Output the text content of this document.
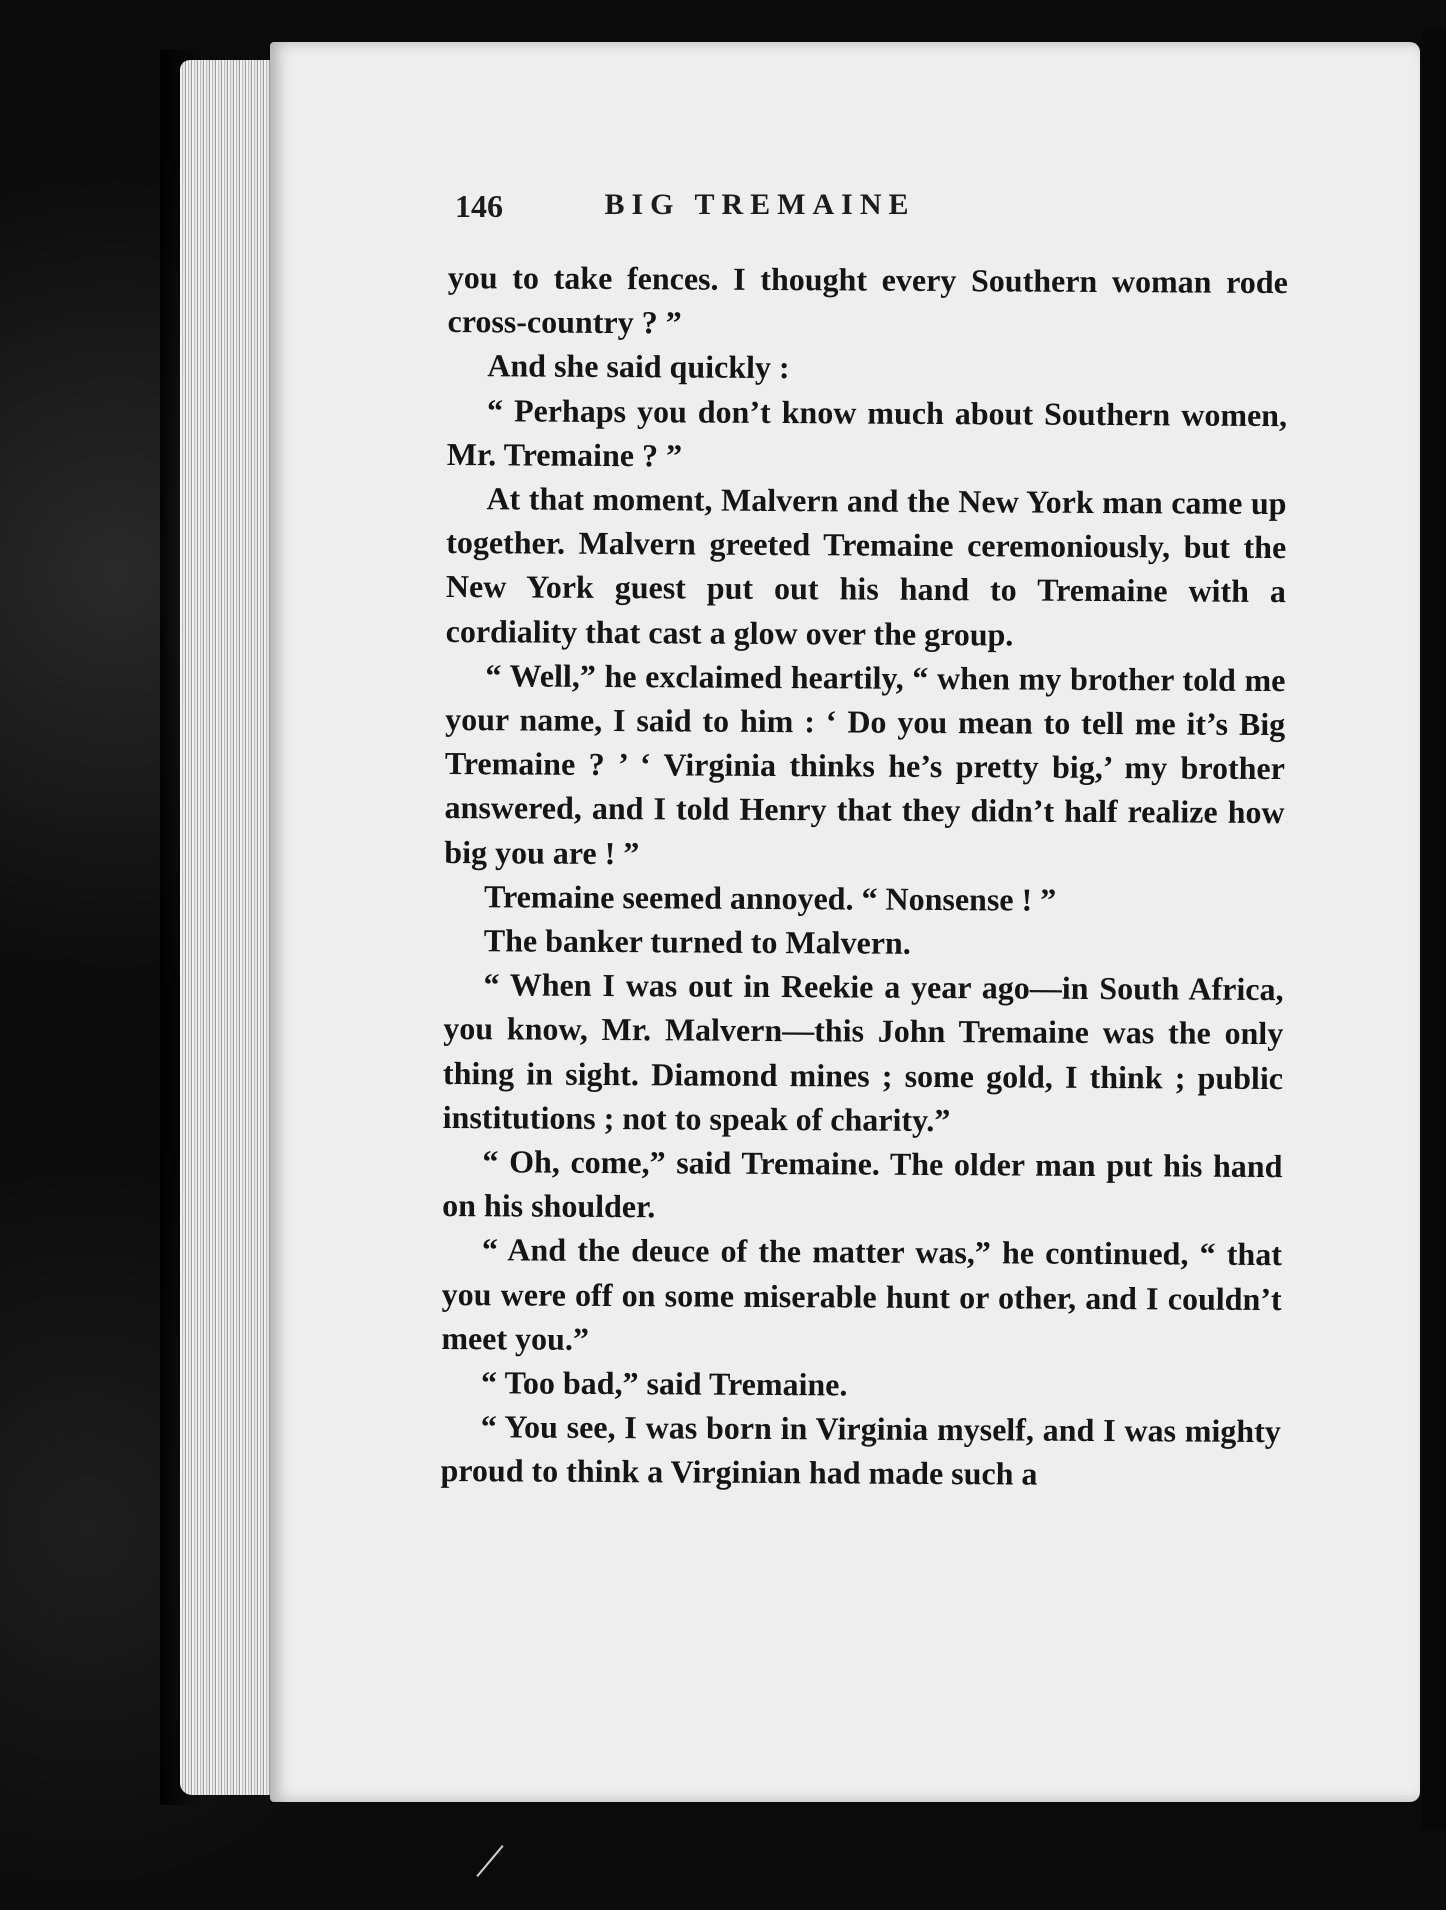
146	BIG TREMAINE

you to take fences. I thought every Southern woman rode cross-country ? ”

And she said quickly :

“ Perhaps you don’t know much about Southern women, Mr. Tremaine ? ”

At that moment, Malvern and the New York man came up together. Malvern greeted Tremaine ceremoniously, but the New York guest put out his hand to Tremaine with a cordiality that cast a glow over the group.

“ Well,” he exclaimed heartily, “ when my brother told me your name, I said to him : ‘ Do you mean to tell me it’s Big Tremaine ? ’ ‘ Virginia thinks he’s pretty big,’ my brother answered, and I told Henry that they didn’t half realize how big you are ! ”

Tremaine seemed annoyed. “ Nonsense ! ”

The banker turned to Malvern.

“ When I was out in Reekie a year ago—in South Africa, you know, Mr. Malvern—this John Tremaine was the only thing in sight. Diamond mines ; some gold, I think ; public institutions ; not to speak of charity.”

“ Oh, come,” said Tremaine. The older man put his hand on his shoulder.

“ And the deuce of the matter was,” he continued, “ that you were off on some miserable hunt or other, and I couldn’t meet you.”

“ Too bad,” said Tremaine.

“ You see, I was born in Virginia myself, and I was mighty proud to think a Virginian had made such a
